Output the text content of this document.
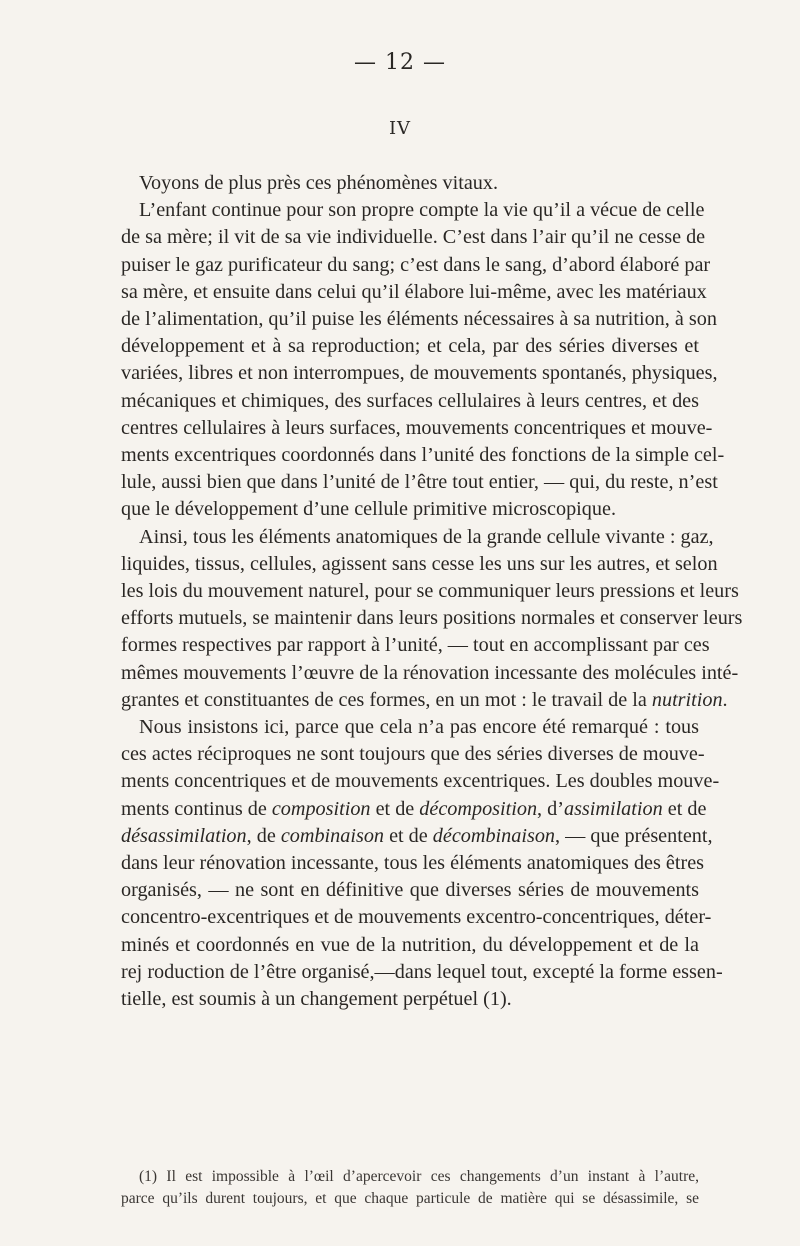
— 12 —
IV
Voyons de plus près ces phénomènes vitaux.
L’enfant continue pour son propre compte la vie qu’il a vécue de celle
de sa mère; il vit de sa vie individuelle. C’est dans l’air qu’il ne cesse de
puiser le gaz purificateur du sang; c’est dans le sang, d’abord élaboré par
sa mère, et ensuite dans celui qu’il élabore lui-même, avec les matériaux
de l’alimentation, qu’il puise les éléments nécessaires à sa nutrition, à son
développement et à sa reproduction; et cela, par des séries diverses et
variées, libres et non interrompues, de mouvements spontanés, physiques,
mécaniques et chimiques, des surfaces cellulaires à leurs centres, et des
centres cellulaires à leurs surfaces, mouvements concentriques et mouve-
ments excentriques coordonnés dans l’unité des fonctions de la simple cel-
lule, aussi bien que dans l’unité de l’être tout entier, — qui, du reste, n’est
que le développement d’une cellule primitive microscopique.
Ainsi, tous les éléments anatomiques de la grande cellule vivante : gaz,
liquides, tissus, cellules, agissent sans cesse les uns sur les autres, et selon
les lois du mouvement naturel, pour se communiquer leurs pressions et leurs
efforts mutuels, se maintenir dans leurs positions normales et conserver leurs
formes respectives par rapport à l’unité, — tout en accomplissant par ces
mêmes mouvements l’œuvre de la rénovation incessante des molécules inté-
grantes et constituantes de ces formes, en un mot : le travail de la nutrition.
Nous insistons ici, parce que cela n’a pas encore été remarqué : tous
ces actes réciproques ne sont toujours que des séries diverses de mouve-
ments concentriques et de mouvements excentriques. Les doubles mouve-
ments continus de composition et de décomposition, d’assimilation et de
désassimilation, de combinaison et de décombinaison, — que présentent,
dans leur rénovation incessante, tous les éléments anatomiques des êtres
organisés, — ne sont en définitive que diverses séries de mouvements
concentro-excentriques et de mouvements excentro-concentriques, déter-
minés et coordonnés en vue de la nutrition, du développement et de la
rej roduction de l’être organisé,—dans lequel tout, excepté la forme essen-
tielle, est soumis à un changement perpétuel (1).
(1) Il est impossible à l’œil d’apercevoir ces changements d’un instant à l’autre,
parce qu’ils durent toujours, et que chaque particule de matière qui se désassimile, se
